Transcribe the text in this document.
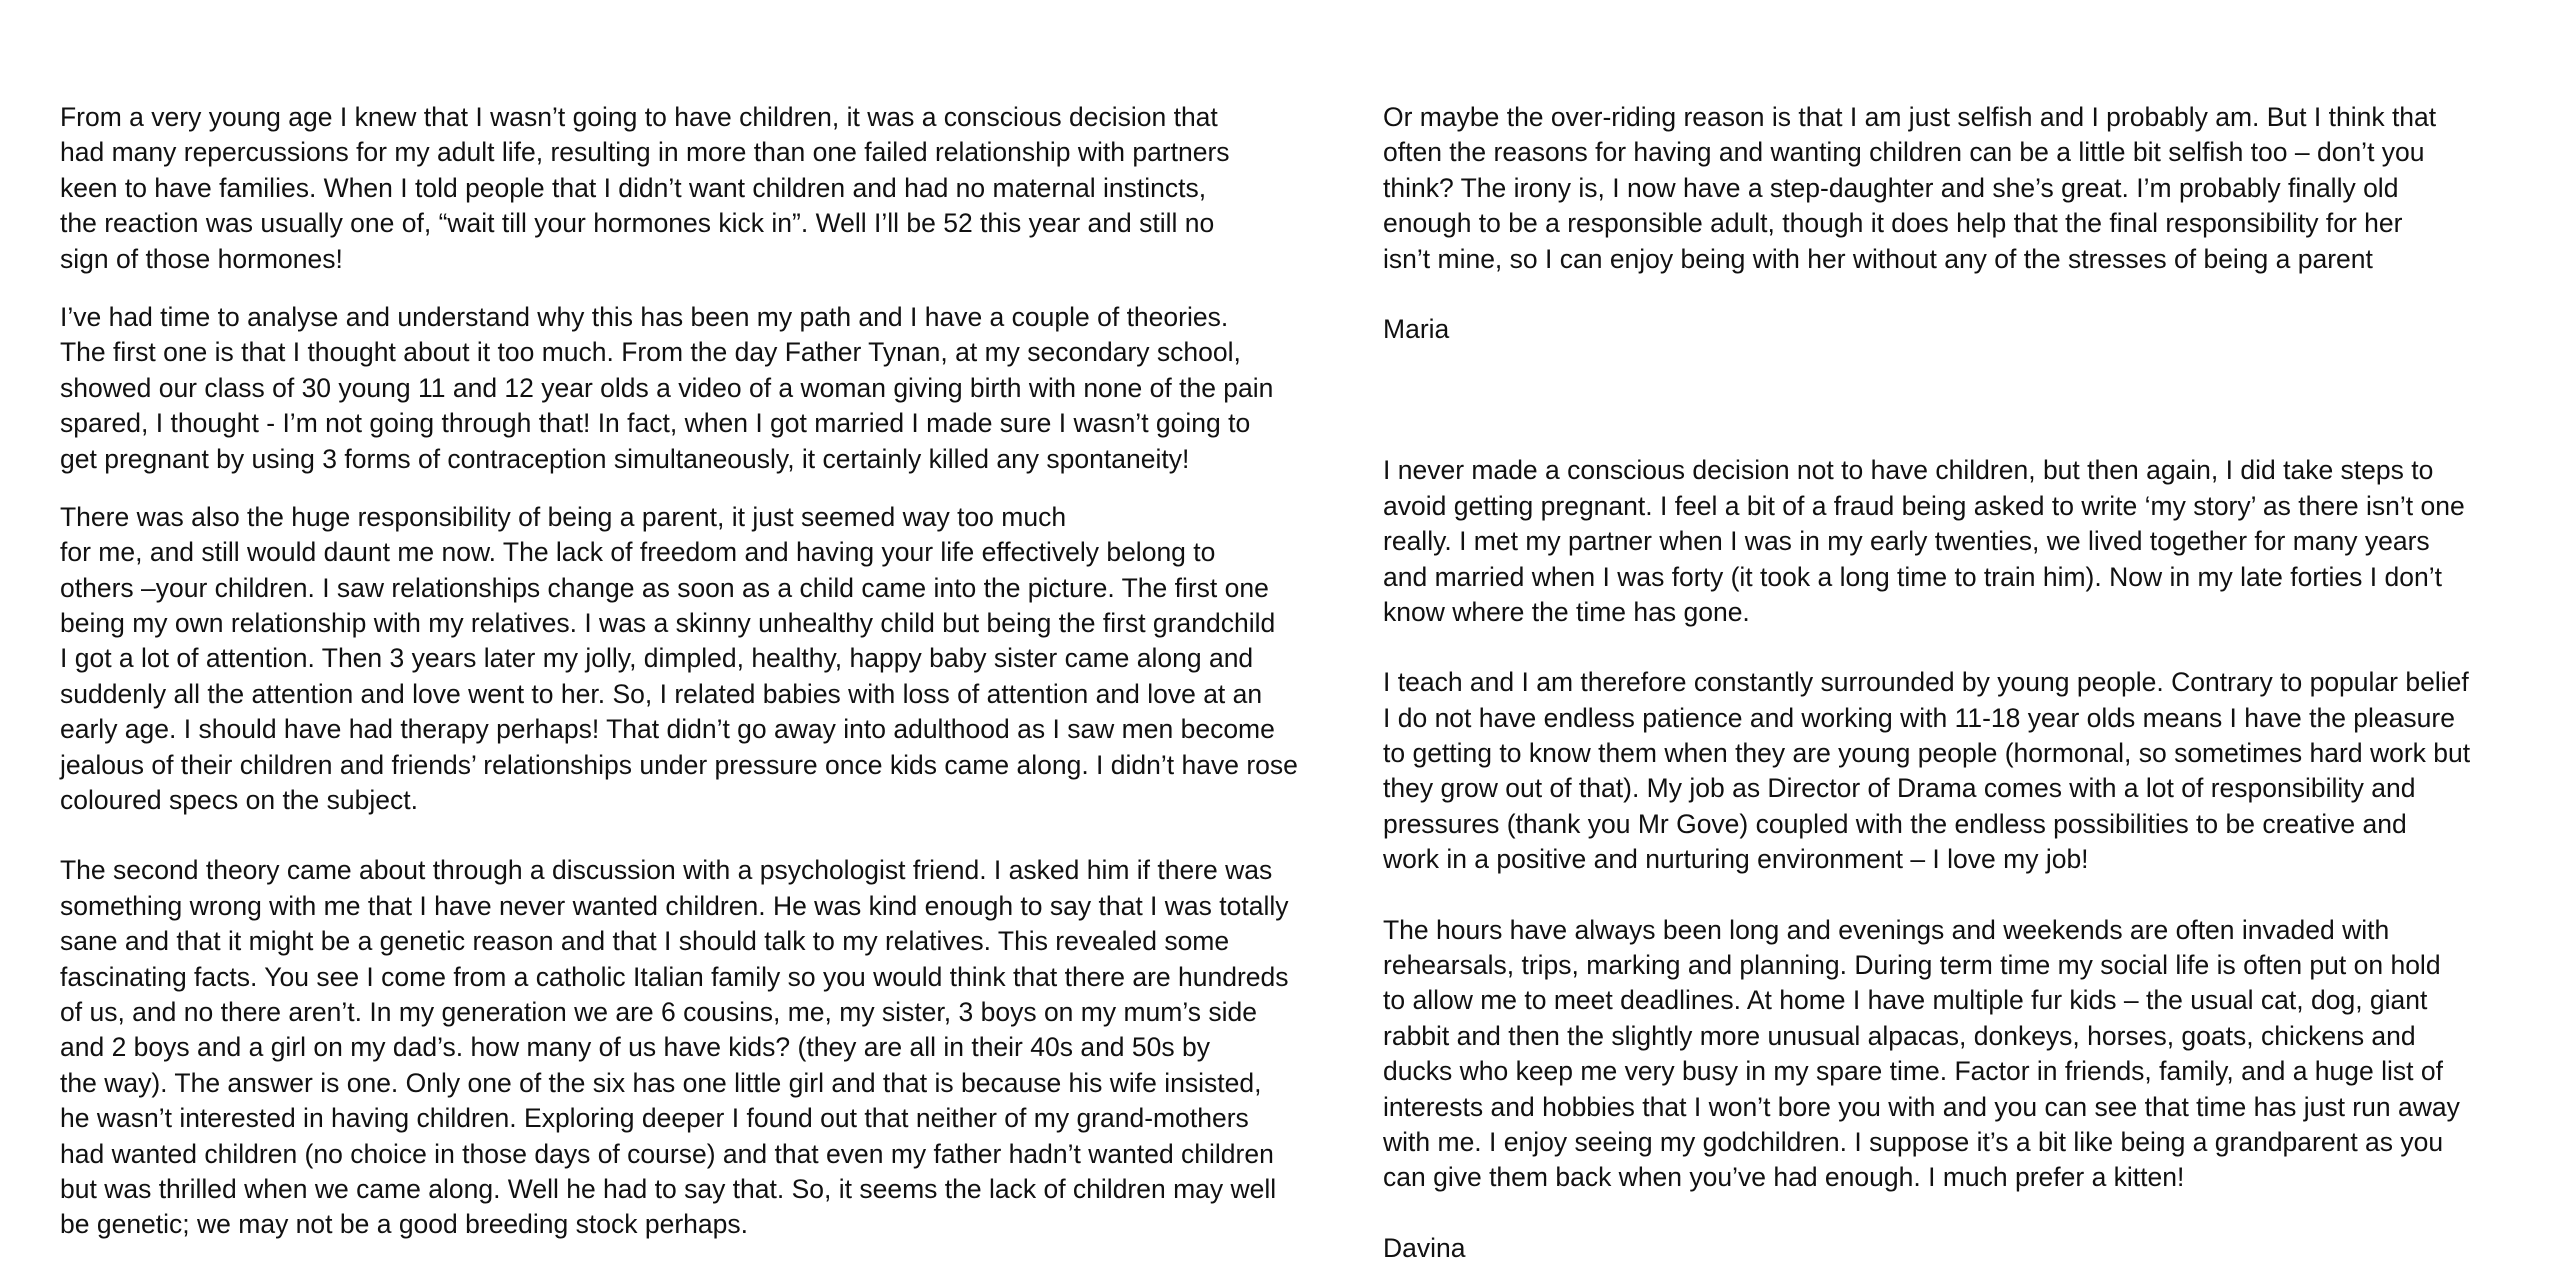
From a very young age I knew that I wasn’t going to have children, it was a conscious decision that
had many repercussions for my adult life, resulting in more than one failed relationship with partners
keen to have families. When I told people that I didn’t want children and had no maternal instincts,
the reaction was usually one of, “wait till your hormones kick in”. Well I’ll be 52 this year and still no
sign of those hormones!
I’ve had time to analyse and understand why this has been my path and I have a couple of theories.
The first one is that I thought about it too much. From the day Father Tynan, at my secondary school,
showed our class of 30 young 11 and 12 year olds a video of a woman giving birth with none of the pain
spared, I thought - I’m not going through that! In fact, when I got married I made sure I wasn’t going to
get pregnant by using 3 forms of contraception simultaneously, it certainly killed any spontaneity!
There was also the huge responsibility of being a parent, it just seemed way too much
for me, and still would daunt me now. The lack of freedom and having your life effectively belong to
others –your children. I saw relationships change as soon as a child came into the picture. The first one
being my own relationship with my relatives. I was a skinny unhealthy child but being the first grandchild
I got a lot of attention. Then 3 years later my jolly, dimpled, healthy, happy baby sister came along and
suddenly all the attention and love went to her. So, I related babies with loss of attention and love at an
early age. I should have had therapy perhaps! That didn’t go away into adulthood as I saw men become
jealous of their children and friends’ relationships under pressure once kids came along. I didn’t have rose
coloured specs on the subject.
The second theory came about through a discussion with a psychologist friend. I asked him if there was
something wrong with me that I have never wanted children. He was kind enough to say that I was totally
sane and that it might be a genetic reason and that I should talk to my relatives. This revealed some
fascinating facts. You see I come from a catholic Italian family so you would think that there are hundreds
of us, and no there aren’t. In my generation we are 6 cousins, me, my sister, 3 boys on my mum’s side
and 2 boys and a girl on my dad’s. how many of us have kids? (they are all in their 40s and 50s by
the way). The answer is one. Only one of the six has one little girl and that is because his wife insisted,
he wasn’t interested in having children. Exploring deeper I found out that neither of my grand-mothers
had wanted children (no choice in those days of course) and that even my father hadn’t wanted children
but was thrilled when we came along. Well he had to say that. So, it seems the lack of children may well
be genetic; we may not be a good breeding stock perhaps.
Or maybe the over-riding reason is that I am just selfish and I probably am. But I think that
often the reasons for having and wanting children can be a little bit selfish too – don’t you
think? The irony is, I now have a step-daughter and she’s great. I’m probably finally old
enough to be a responsible adult, though it does help that the final responsibility for her
isn’t mine, so I can enjoy being with her without any of the stresses of being a parent
Maria
I never made a conscious decision not to have children, but then again, I did take steps to
avoid getting pregnant. I feel a bit of a fraud being asked to write ‘my story’ as there isn’t one
really. I met my partner when I was in my early twenties, we lived together for many years
and married when I was forty (it took a long time to train him). Now in my late forties I don’t
know where the time has gone.
I teach and I am therefore constantly surrounded by young people. Contrary to popular belief
I do not have endless patience and working with 11-18 year olds means I have the pleasure
to getting to know them when they are young people (hormonal, so sometimes hard work but
they grow out of that). My job as Director of Drama comes with a lot of responsibility and
pressures (thank you Mr Gove) coupled with the endless possibilities to be creative and
work in a positive and nurturing environment – I love my job!
The hours have always been long and evenings and weekends are often invaded with
rehearsals, trips, marking and planning. During term time my social life is often put on hold
to allow me to meet deadlines. At home I have multiple fur kids – the usual cat, dog, giant
rabbit and then the slightly more unusual alpacas, donkeys, horses, goats, chickens and
ducks who keep me very busy in my spare time. Factor in friends, family, and a huge list of
interests and hobbies that I won’t bore you with and you can see that time has just run away
with me. I enjoy seeing my godchildren. I suppose it’s a bit like being a grandparent as you
can give them back when you’ve had enough. I much prefer a kitten!
Davina
